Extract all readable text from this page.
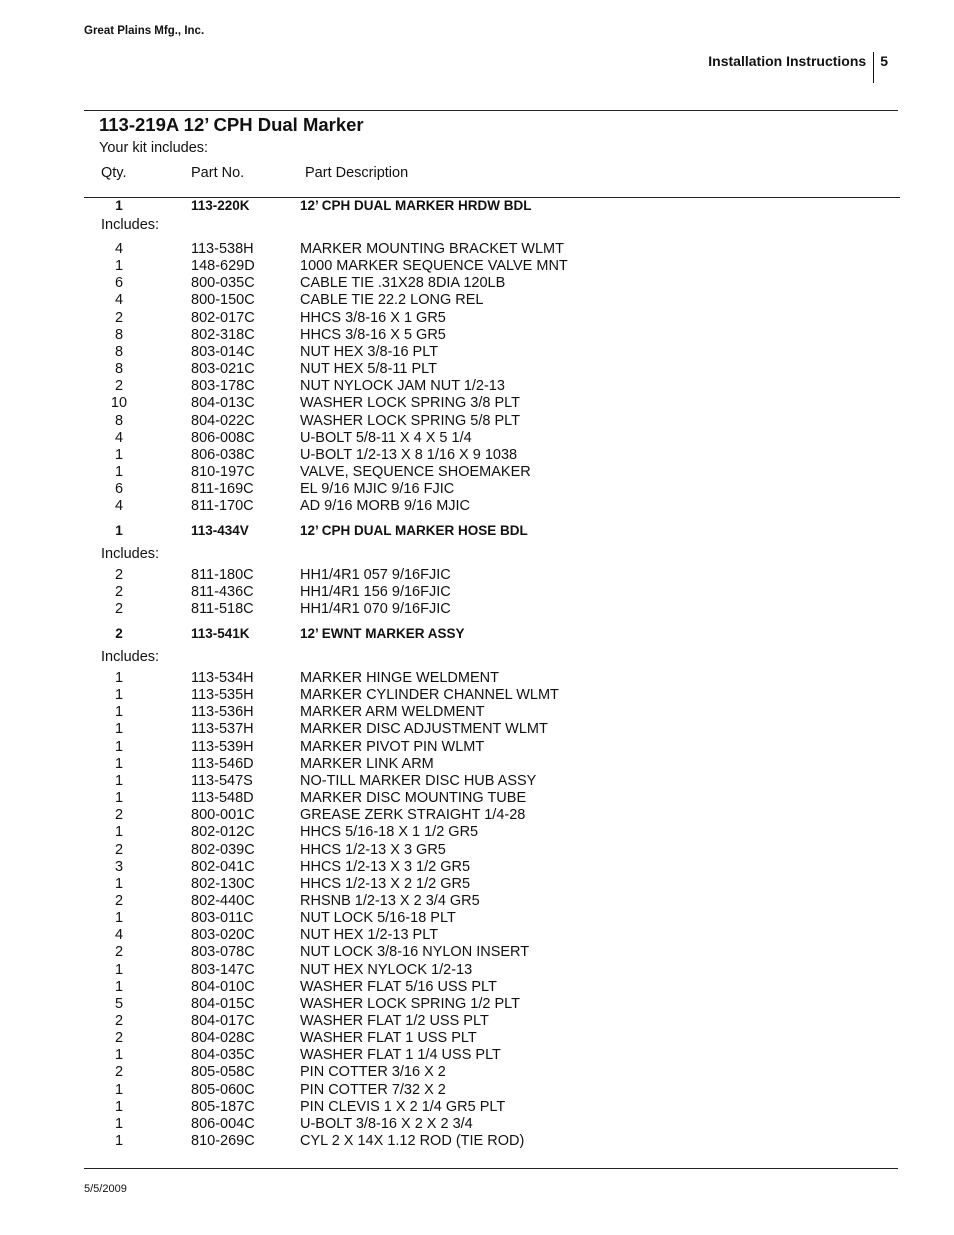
Great Plains Mfg., Inc.
Installation Instructions	5
113-219A 12’ CPH Dual Marker
Your kit includes:
Qty.	Part No.	Part Description
1	113-220K	12’ CPH DUAL MARKER HRDW BDL
Includes:
4	113-538H	MARKER MOUNTING BRACKET WLMT
1	148-629D	1000 MARKER SEQUENCE VALVE MNT
6	800-035C	CABLE TIE .31X28 8DIA 120LB
4	800-150C	CABLE TIE 22.2 LONG REL
2	802-017C	HHCS 3/8-16 X 1 GR5
8	802-318C	HHCS 3/8-16 X 5 GR5
8	803-014C	NUT HEX 3/8-16 PLT
8	803-021C	NUT HEX 5/8-11 PLT
2	803-178C	NUT NYLOCK JAM NUT 1/2-13
10	804-013C	WASHER LOCK SPRING 3/8 PLT
8	804-022C	WASHER LOCK SPRING 5/8 PLT
4	806-008C	U-BOLT 5/8-11 X 4 X 5 1/4
1	806-038C	U-BOLT 1/2-13 X 8 1/16 X 9 1038
1	810-197C	VALVE, SEQUENCE SHOEMAKER
6	811-169C	EL 9/16 MJIC 9/16 FJIC
4	811-170C	AD 9/16 MORB 9/16 MJIC
1	113-434V	12’ CPH DUAL MARKER HOSE BDL
Includes:
2	811-180C	HH1/4R1 057 9/16FJIC
2	811-436C	HH1/4R1 156 9/16FJIC
2	811-518C	HH1/4R1 070 9/16FJIC
2	113-541K	12’ EWNT MARKER ASSY
Includes:
1	113-534H	MARKER HINGE WELDMENT
1	113-535H	MARKER CYLINDER CHANNEL WLMT
1	113-536H	MARKER ARM WELDMENT
1	113-537H	MARKER DISC ADJUSTMENT WLMT
1	113-539H	MARKER PIVOT PIN WLMT
1	113-546D	MARKER LINK ARM
1	113-547S	NO-TILL MARKER DISC HUB ASSY
1	113-548D	MARKER DISC MOUNTING TUBE
2	800-001C	GREASE ZERK STRAIGHT 1/4-28
1	802-012C	HHCS 5/16-18 X 1 1/2 GR5
2	802-039C	HHCS 1/2-13 X 3 GR5
3	802-041C	HHCS 1/2-13 X 3 1/2 GR5
1	802-130C	HHCS 1/2-13 X 2 1/2 GR5
2	802-440C	RHSNB 1/2-13 X 2 3/4 GR5
1	803-011C	NUT LOCK 5/16-18 PLT
4	803-020C	NUT HEX 1/2-13 PLT
2	803-078C	NUT LOCK 3/8-16 NYLON INSERT
1	803-147C	NUT HEX NYLOCK 1/2-13
1	804-010C	WASHER FLAT 5/16 USS PLT
5	804-015C	WASHER LOCK SPRING 1/2 PLT
2	804-017C	WASHER FLAT 1/2 USS PLT
2	804-028C	WASHER FLAT 1 USS PLT
1	804-035C	WASHER FLAT 1 1/4 USS PLT
2	805-058C	PIN COTTER 3/16 X 2
1	805-060C	PIN COTTER 7/32 X 2
1	805-187C	PIN CLEVIS 1 X 2 1/4 GR5 PLT
1	806-004C	U-BOLT 3/8-16 X 2 X 2 3/4
1	810-269C	CYL 2 X 14X 1.12 ROD (TIE ROD)
5/5/2009
